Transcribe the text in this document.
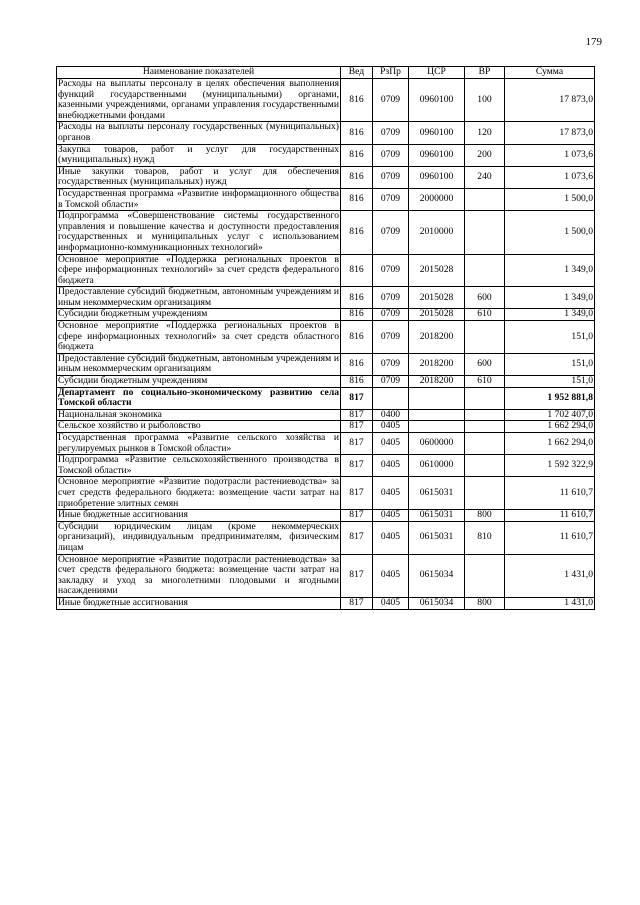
179
Наименование показателей	Вед	РзПр	ЦСР	ВР	Сумма
Расходы на выплаты персоналу в целях обеспечения выполнения функций государственными (муниципальными) органами, казенными учреждениями, органами управления государственными внебюджетными фондами	816	0709	0960100	100	17 873,0
Расходы на выплаты персоналу государственных (муниципальных) органов	816	0709	0960100	120	17 873,0
Закупка товаров, работ и услуг для государственных (муниципальных) нужд	816	0709	0960100	200	1 073,6
Иные закупки товаров, работ и услуг для обеспечения государственных (муниципальных) нужд	816	0709	0960100	240	1 073,6
Государственная программа «Развитие информационного общества в Томской области»	816	0709	2000000		1 500,0
Подпрограмма «Совершенствование системы государственного управления и повышение качества и доступности предоставления государственных и муниципальных услуг с использованием информационно-коммуникационных технологий»	816	0709	2010000		1 500,0
Основное мероприятие «Поддержка региональных проектов в сфере информационных технологий» за счет средств федерального бюджета	816	0709	2015028		1 349,0
Предоставление субсидий бюджетным, автономным учреждениям и иным некоммерческим организациям	816	0709	2015028	600	1 349,0
Субсидии бюджетным учреждениям	816	0709	2015028	610	1 349,0
Основное мероприятие «Поддержка региональных проектов в сфере информационных технологий» за счет средств областного бюджета	816	0709	2018200		151,0
Предоставление субсидий бюджетным, автономным учреждениям и иным некоммерческим организациям	816	0709	2018200	600	151,0
Субсидии бюджетным учреждениям	816	0709	2018200	610	151,0
Департамент по социально-экономическому развитию села Томской области	817				1 952 881,8
Национальная экономика	817	0400			1 702 407,0
Сельское хозяйство и рыболовство	817	0405			1 662 294,0
Государственная программа «Развитие сельского хозяйства и регулируемых рынков в Томской области»	817	0405	0600000		1 662 294,0
Подпрограмма «Развитие сельскохозяйственного производства в Томской области»	817	0405	0610000		1 592 322,9
Основное мероприятие «Развитие подотрасли растениеводства» за счет средств федерального бюджета: возмещение части затрат на приобретение элитных семян	817	0405	0615031		11 610,7
Иные бюджетные ассигнования	817	0405	0615031	800	11 610,7
Субсидии юридическим лицам (кроме некоммерческих организаций), индивидуальным предпринимателям, физическим лицам	817	0405	0615031	810	11 610,7
Основное мероприятие «Развитие подотрасли растениеводства» за счет средств федерального бюджета: возмещение части затрат на закладку и уход за многолетними плодовыми и ягодными насаждениями	817	0405	0615034		1 431,0
Иные бюджетные ассигнования	817	0405	0615034	800	1 431,0
